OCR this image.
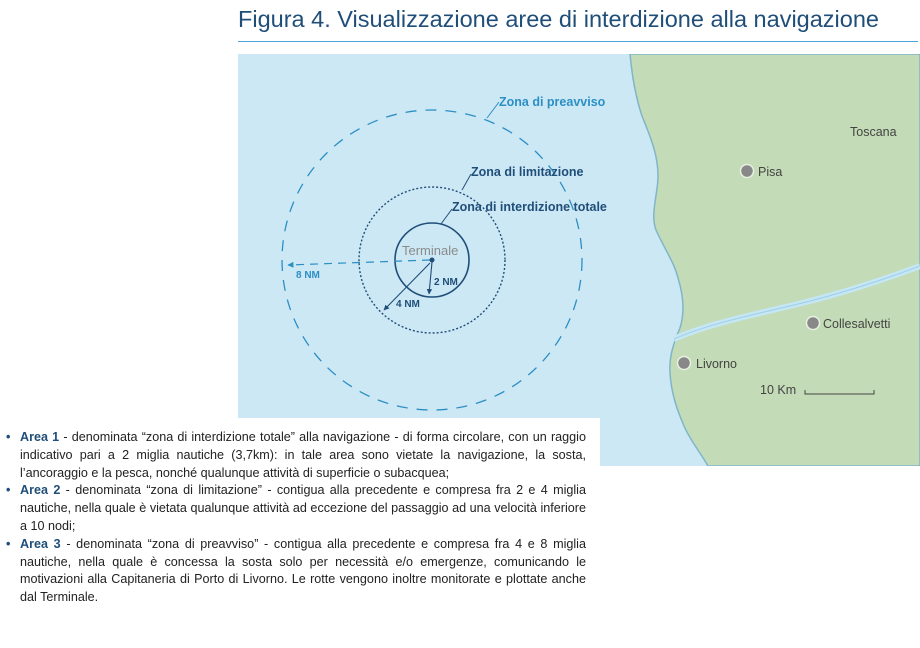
Figura 4. Visualizzazione aree di interdizione alla navigazione
Terminale
8 NM
4 NM
2 NM
Zona di preavviso
Zona di limitazione
Zona di interdizione totale
Toscana
Pisa
Collesalvetti
Livorno
10 Km
• Area 1 - denominata “zona di interdizione totale” alla navigazione - di forma circolare, con un raggio indicativo pari a 2 miglia nautiche (3,7km): in tale area sono vietate la navigazione, la sosta, l’ancoraggio e la pesca, nonché qualunque attività di superficie o subacquea;
• Area 2 - denominata “zona di limitazione” - contigua alla precedente e compresa fra 2 e 4 miglia nautiche, nella quale è vietata qualunque attività ad eccezione del passaggio ad una velocità inferiore a 10 nodi;
• Area 3 - denominata “zona di preavviso” - contigua alla precedente e compresa fra 4 e 8 miglia nautiche, nella quale è concessa la sosta solo per necessità e/o emergenze, comunicando le motivazioni alla Capitaneria di Porto di Livorno. Le rotte vengono inoltre monitorate e plottate anche dal Terminale.
